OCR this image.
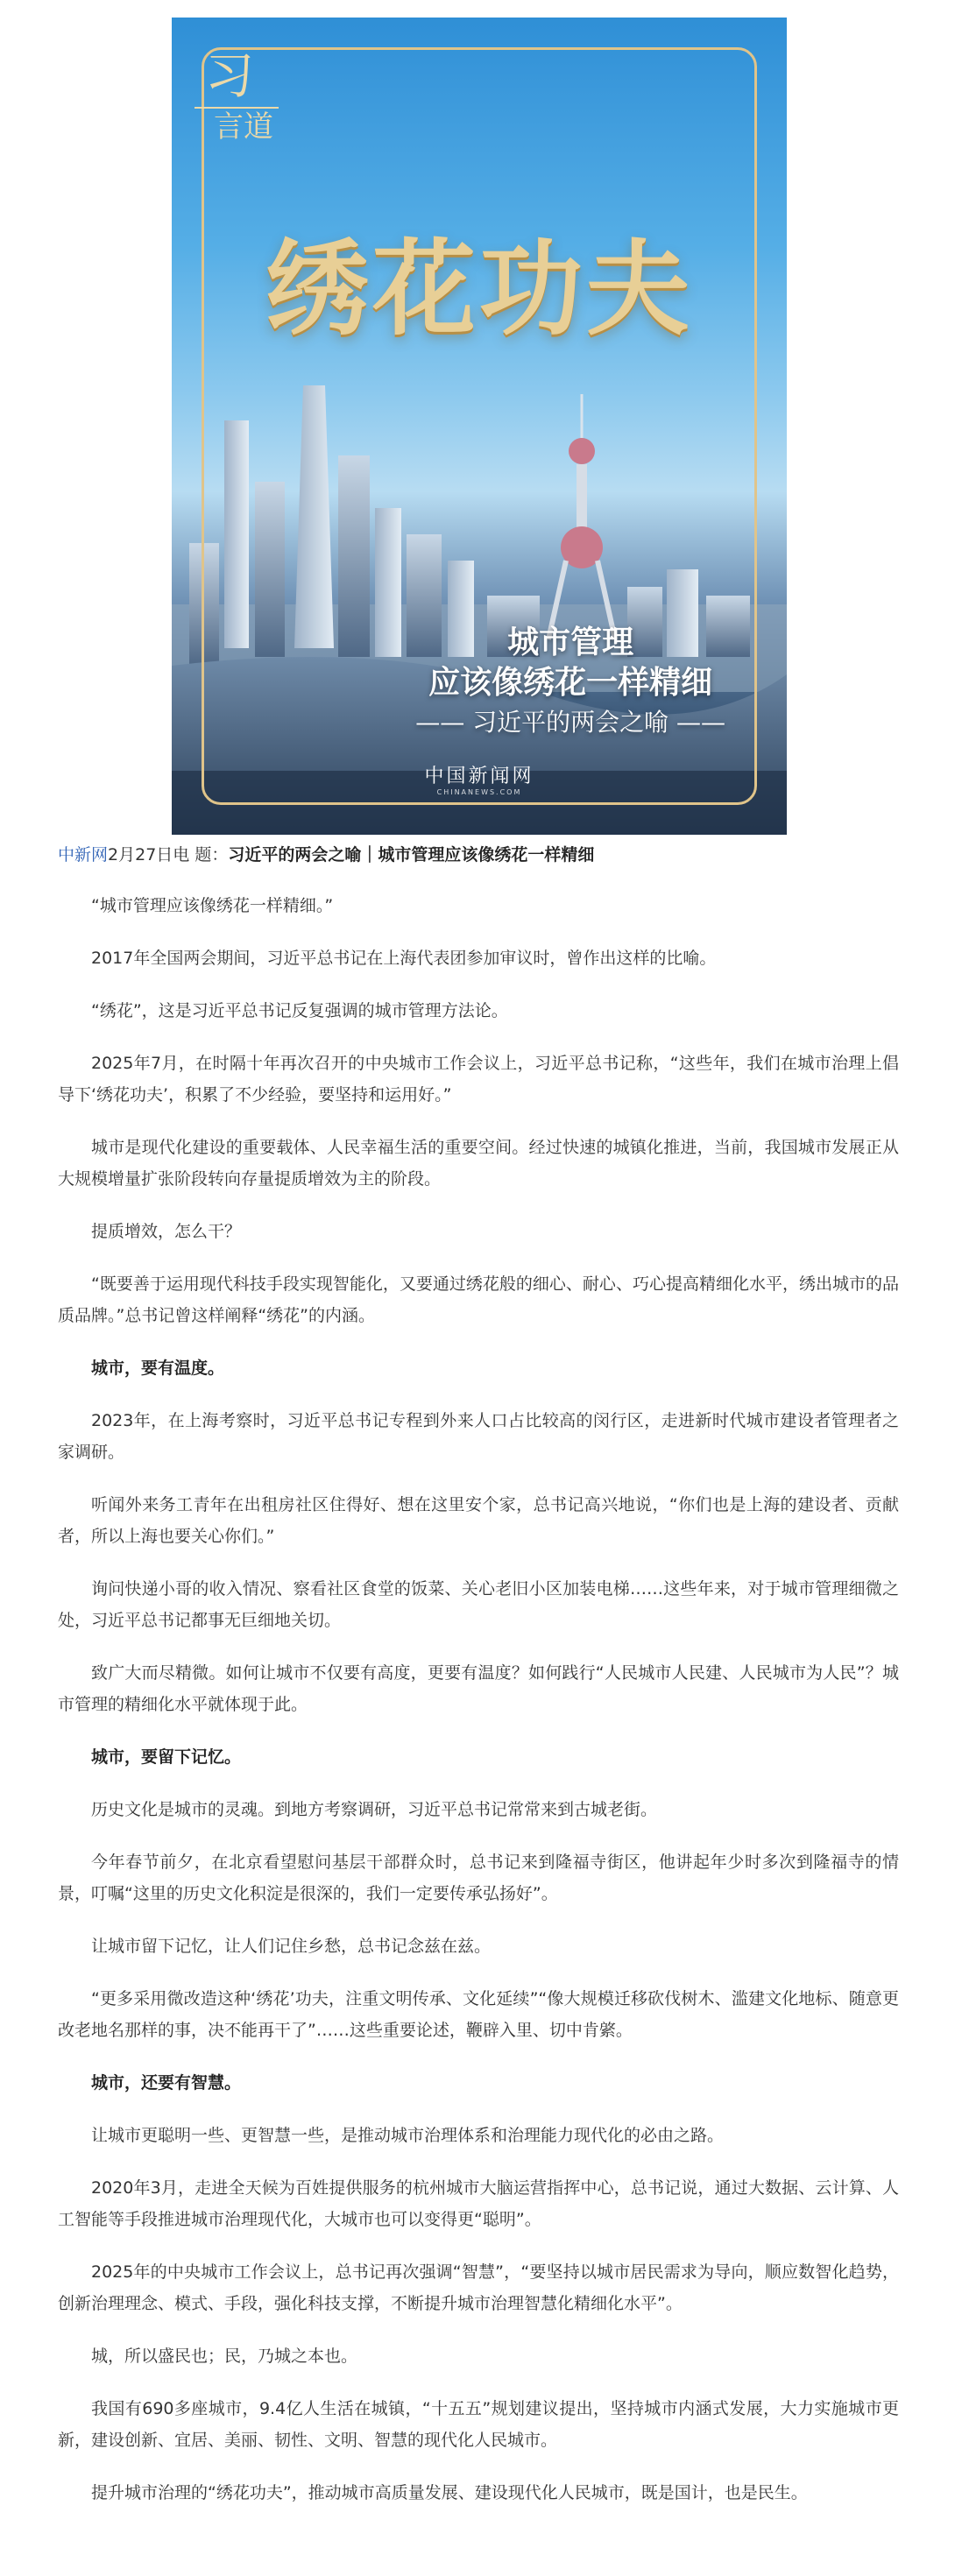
习
言道
绣花功夫
城市管理
应该像绣花一样精细
—— 习近平的两会之喻 ——
中国新闻网
CHINANEWS.COM
中新网2月27日电 题：习近平的两会之喻｜城市管理应该像绣花一样精细

“城市管理应该像绣花一样精细。”

2017年全国两会期间，习近平总书记在上海代表团参加审议时，曾作出这样的比喻。

“绣花”，这是习近平总书记反复强调的城市管理方法论。

2025年7月，在时隔十年再次召开的中央城市工作会议上，习近平总书记称，“这些年，我们在城市治理上倡导下‘绣花功夫’，积累了不少经验，要坚持和运用好。”

城市是现代化建设的重要载体、人民幸福生活的重要空间。经过快速的城镇化推进，当前，我国城市发展正从大规模增量扩张阶段转向存量提质增效为主的阶段。

提质增效，怎么干？

“既要善于运用现代科技手段实现智能化，又要通过绣花般的细心、耐心、巧心提高精细化水平，绣出城市的品质品牌。”总书记曾这样阐释“绣花”的内涵。

城市，要有温度。

2023年，在上海考察时，习近平总书记专程到外来人口占比较高的闵行区，走进新时代城市建设者管理者之家调研。

听闻外来务工青年在出租房社区住得好、想在这里安个家，总书记高兴地说，“你们也是上海的建设者、贡献者，所以上海也要关心你们。”

询问快递小哥的收入情况、察看社区食堂的饭菜、关心老旧小区加装电梯……这些年来，对于城市管理细微之处，习近平总书记都事无巨细地关切。

致广大而尽精微。如何让城市不仅要有高度，更要有温度？如何践行“人民城市人民建、人民城市为人民”？城市管理的精细化水平就体现于此。

城市，要留下记忆。

历史文化是城市的灵魂。到地方考察调研，习近平总书记常常来到古城老街。

今年春节前夕，在北京看望慰问基层干部群众时，总书记来到隆福寺街区，他讲起年少时多次到隆福寺的情景，叮嘱“这里的历史文化积淀是很深的，我们一定要传承弘扬好”。

让城市留下记忆，让人们记住乡愁，总书记念兹在兹。

“更多采用微改造这种‘绣花’功夫，注重文明传承、文化延续”“像大规模迁移砍伐树木、滥建文化地标、随意更改老地名那样的事，决不能再干了”……这些重要论述，鞭辟入里、切中肯綮。

城市，还要有智慧。

让城市更聪明一些、更智慧一些，是推动城市治理体系和治理能力现代化的必由之路。

2020年3月，走进全天候为百姓提供服务的杭州城市大脑运营指挥中心，总书记说，通过大数据、云计算、人工智能等手段推进城市治理现代化，大城市也可以变得更“聪明”。

2025年的中央城市工作会议上，总书记再次强调“智慧”，“要坚持以城市居民需求为导向，顺应数智化趋势，创新治理理念、模式、手段，强化科技支撑，不断提升城市治理智慧化精细化水平”。

城，所以盛民也；民，乃城之本也。

我国有690多座城市，9.4亿人生活在城镇，“十五五”规划建议提出，坚持城市内涵式发展，大力实施城市更新，建设创新、宜居、美丽、韧性、文明、智慧的现代化人民城市。

提升城市治理的“绣花功夫”，推动城市高质量发展、建设现代化人民城市，既是国计，也是民生。
